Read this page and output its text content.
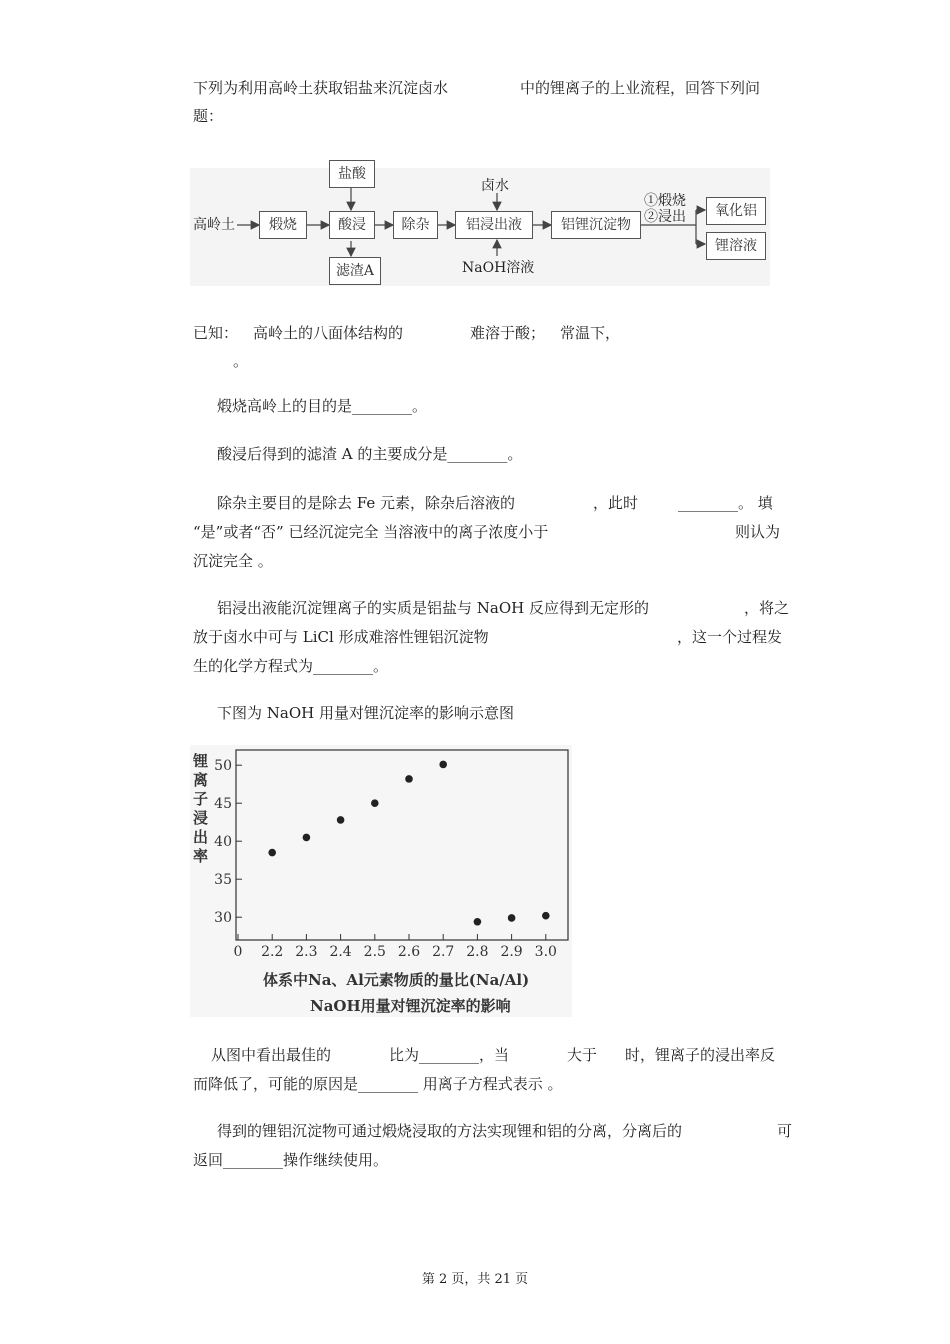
下列为利用高岭土获取铝盐来沉淀卤水	中的锂离子的上业流程，回答下列问
题：
高岭土	煅烧
盐酸
酸浸
滤渣A
除杂
卤水
铝浸出液
NaOH溶液
铝锂沉淀物
①煅烧
②浸出	氧化铝
锂溶液
已知： 高岭土的八面体结构的	难溶于酸； 常温下，
。
煅烧高岭上的目的是________。
酸浸后得到的滤渣 A 的主要成分是________。
除杂主要目的是除去 Fe 元素，除杂后溶液的	，此时	________。 填
“是”或者“否” 已经沉淀完全 当溶液中的离子浓度小于	则认为
沉淀完全 。
铝浸出液能沉淀锂离子的实质是铝盐与 NaOH 反应得到无定形的	，将之
放于卤水中可与 LiCl 形成难溶性锂铝沉淀物	，这一个过程发
生的化学方程式为________。
下图为 NaOH 用量对锂沉淀率的影响示意图
锂
离
子
浸
出
率
0 2.2 2.3 2.4 2.5 2.6 2.7 2.8 2.9 3.0
30
35
40
45
50
体系中Na、Al元素物质的量比(Na/Al)
NaOH用量对锂沉淀率的影响
从图中看出最佳的	比为________，当	大于 时，锂离子的浸出率反
而降低了，可能的原因是________ 用离子方程式表示 。
得到的锂铝沉淀物可通过煅烧浸取的方法实现锂和铝的分离，分离后的	可
返回________操作继续使用。
第 2 页，共 21 页
